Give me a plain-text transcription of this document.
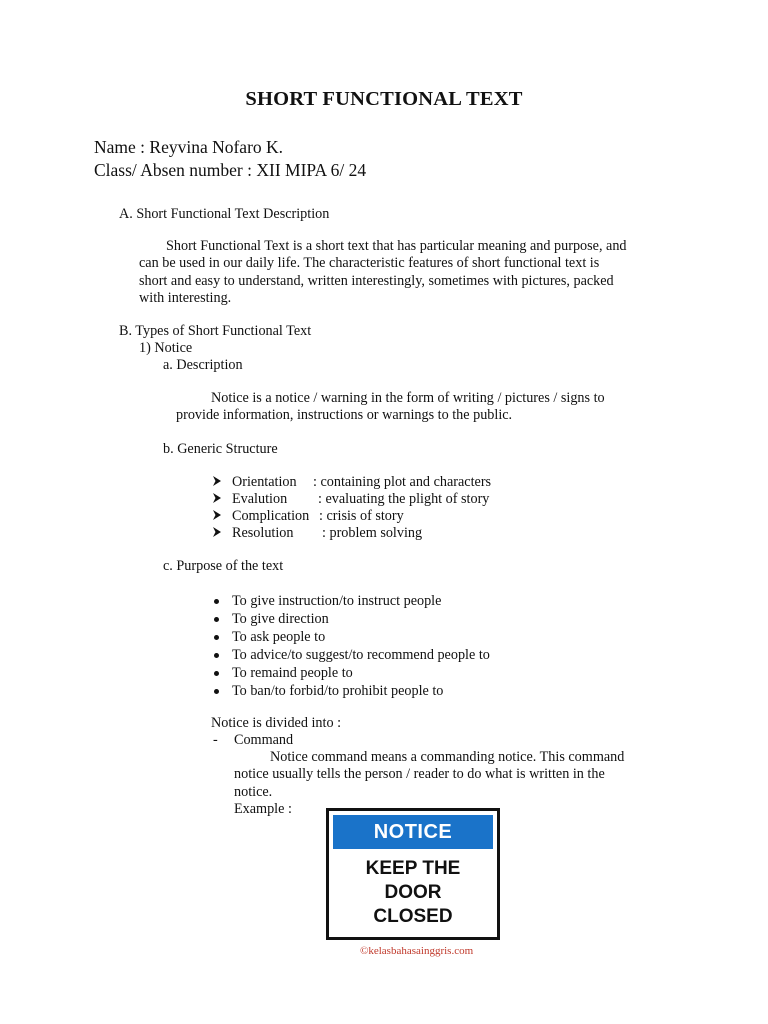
SHORT FUNCTIONAL TEXT
Name : Reyvina Nofaro K.
Class/ Absen number : XII MIPA 6/ 24
A. Short Functional Text Description
Short Functional Text is a short text that has particular meaning and purpose, and
can be used in our daily life. The characteristic features of short functional text is
short and easy to understand, written interestingly, sometimes with pictures, packed
with interesting.
B. Types of Short Functional Text
1) Notice
a. Description
Notice is a notice / warning in the form of writing / pictures / signs to
provide information, instructions or warnings to the public.
b. Generic Structure
Orientation : containing plot and characters
Evalution : evaluating the plight of story
Complication : crisis of story
Resolution : problem solving
c. Purpose of the text
To give instruction/to instruct people
To give direction
To ask people to
To advice/to suggest/to recommend people to
To remaind people to
To ban/to forbid/to prohibit people to
Notice is divided into :
- Command
Notice command means a commanding notice. This command
notice usually tells the person / reader to do what is written in the
notice.
Example :
NOTICE
KEEP THE
DOOR
CLOSED
©kelasbahasainggris.com
